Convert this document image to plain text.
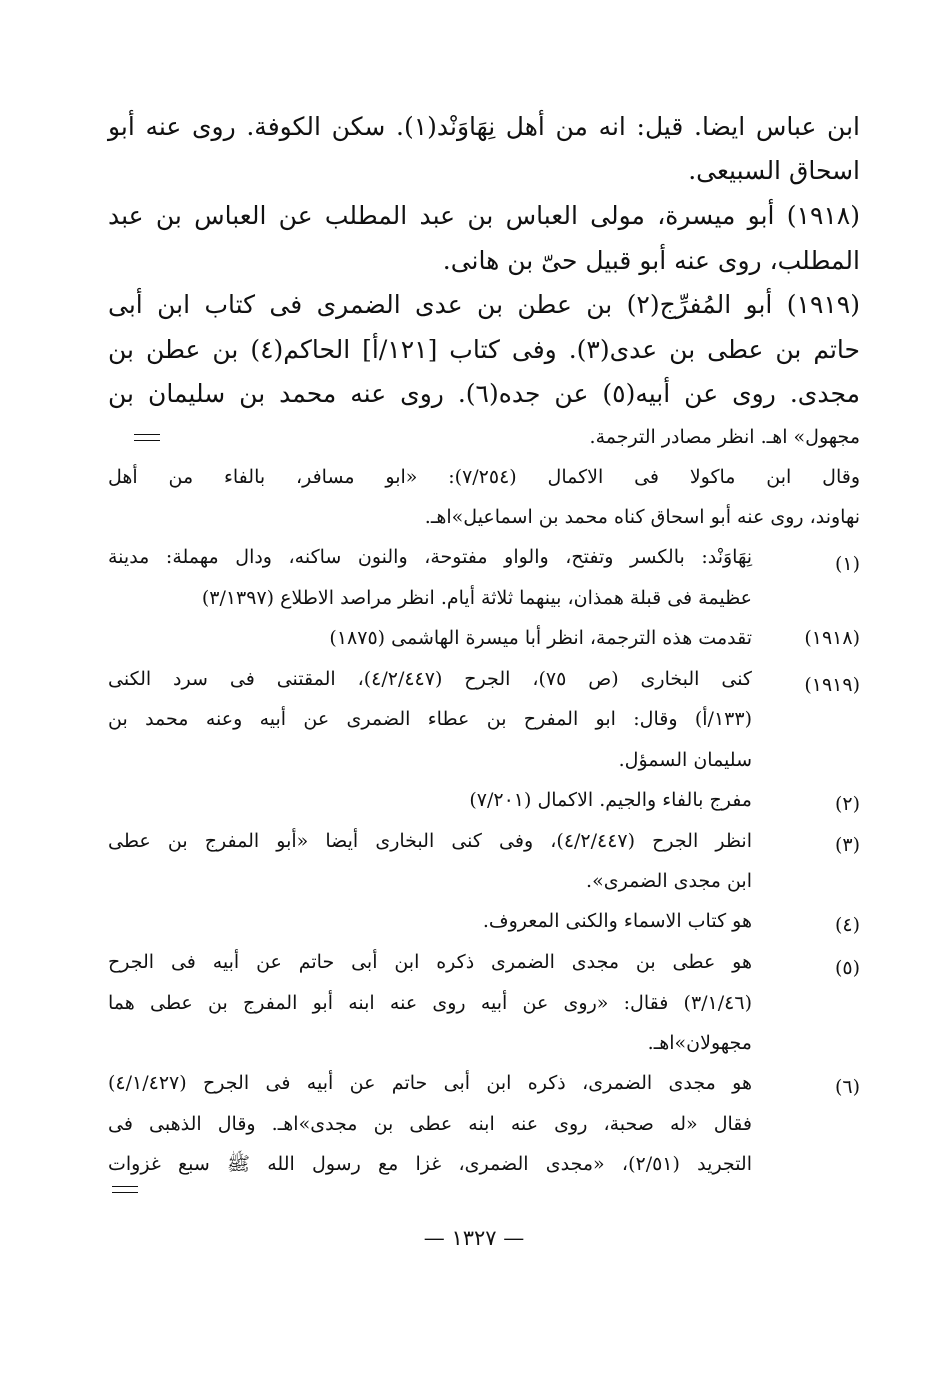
ابن عباس ايضا. قيل: انه من أهل نِهَاوَنْد(١). سكن الكوفة. روى عنه أبو
اسحاق السبيعى.
(١٩١٨) أبو ميسرة، مولى العباس بن عبد المطلب عن العباس بن عبد
المطلب، روى عنه أبو قبيل حىّ بن هانى.
(١٩١٩) أبو المُفرِّج(٢) بن عطن بن عدى الضمرى فى كتاب ابن أبى
حاتم بن عطى بن عدى(٣). وفى كتاب [١٢١/أ] الحاكم(٤) بن عطن بن
مجدى. روى عن أبيه(٥) عن جده(٦). روى عنه محمد بن سليمان بن
مجهول» اهـ. انظر مصادر الترجمة.
وقال ابن ماكولا فى الاكمال (٧/٢٥٤): «ابو مسافر، بالفاء من أهل
نهاوند، روى عنه أبو اسحاق كناه محمد بن اسماعيل»اهـ.
(١)
نِهَاوَنْد: بالكسر وتفتح، والواو مفتوحة، والنون ساكنه، ودال مهملة: مدينة
عظيمة فى قبلة همذان، بينهما ثلاثة أيام. انظر مراصد الاطلاع (٣/١٣٩٧)
(١٩١٨)
تقدمت هذه الترجمة، انظر أبا ميسرة الهاشمى (١٨٧٥)
(١٩١٩)
كنى البخارى (ص ٧٥)، الجرح (٤/٢/٤٤٧)، المقتنى فى سرد الكنى
(١٣٣/أ) وقال: ابو المفرح بن عطاء الضمرى عن أبيه وعنه محمد بن
سليمان السمؤل.
(٢)
مفرج بالفاء والجيم. الاكمال (٧/٢٠١)
(٣)
انظر الجرح (٤/٢/٤٤٧)، وفى كنى البخارى أيضا «أبو المفرج بن عطى
ابن مجدى الضمرى».
(٤)
هو كتاب الاسماء والكنى المعروف.
(٥)
هو عطى بن مجدى الضمرى ذكره ابن أبى حاتم عن أبيه فى الجرح
(٣/١/٤٦) فقال: «روى عن أبيه روى عنه ابنه أبو المفرج بن عطى هما
مجهولان»اهـ.
(٦)
هو مجدى الضمرى، ذكره ابن أبى حاتم عن أبيه فى الجرح (٤/١/٤٢٧)
فقال «له صحبة، روى عنه ابنه عطى بن مجدى»اهـ. وقال الذهبى فى
التجريد (٢/٥١)، «مجدى الضمرى، غزا مع رسول الله ﷺ سبع غزوات
— ١٣٢٧ —
